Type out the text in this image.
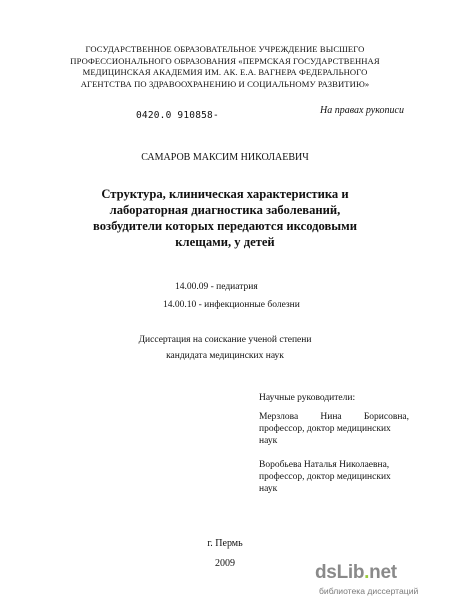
ГОСУДАРСТВЕННОЕ ОБРАЗОВАТЕЛЬНОЕ УЧРЕЖДЕНИЕ ВЫСШЕГО
ПРОФЕССИОНАЛЬНОГО ОБРАЗОВАНИЯ «ПЕРМСКАЯ ГОСУДАРСТВЕННАЯ
МЕДИЦИНСКАЯ АКАДЕМИЯ ИМ. АК. Е.А. ВАГНЕРА ФЕДЕРАЛЬНОГО
АГЕНТСТВА ПО ЗДРАВООХРАНЕНИЮ И СОЦИАЛЬНОМУ РАЗВИТИЮ»
0420.0 910858-	На правах рукописи
САМАРОВ МАКСИМ НИКОЛАЕВИЧ
Структура, клиническая характеристика и
лабораторная диагностика заболеваний,
возбудители которых передаются иксодовыми
клещами, у детей
14.00.09 - педиатрия
14.00.10 - инфекционные болезни
Диссертация на соискание ученой степени
кандидата медицинских наук
Научные руководители:
Мерзлова Нина Борисовна,
профессор, доктор медицинских
наук
Воробьева Наталья Николаевна,
профессор, доктор медицинских
наук
г. Пермь
2009	dsLib.net
библиотека диссертаций
